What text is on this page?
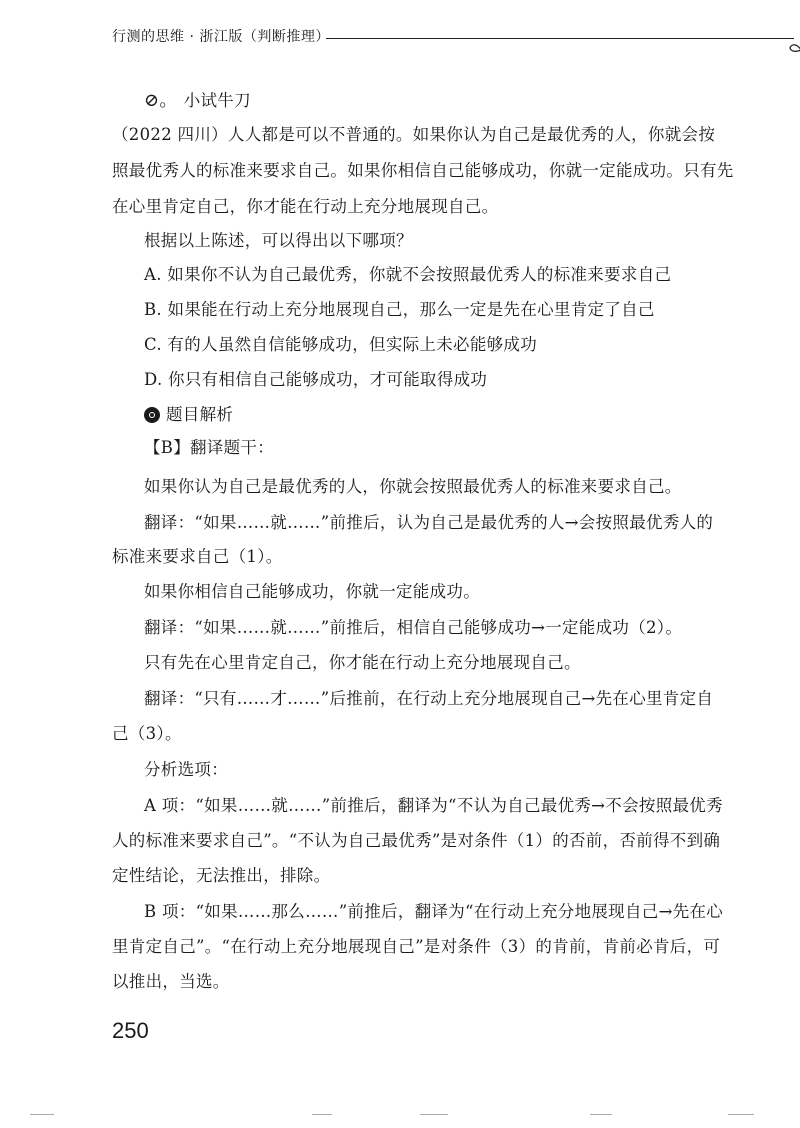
行测的思维 · 浙江版（判断推理）
⊘。 小试牛刀
（2022 四川）人人都是可以不普通的。如果你认为自己是最优秀的人，你就会按
照最优秀人的标准来要求自己。如果你相信自己能够成功，你就一定能成功。只有先
在心里肯定自己，你才能在行动上充分地展现自己。
根据以上陈述，可以得出以下哪项？
A. 如果你不认为自己最优秀，你就不会按照最优秀人的标准来要求自己
B. 如果能在行动上充分地展现自己，那么一定是先在心里肯定了自己
C. 有的人虽然自信能够成功，但实际上未必能够成功
D. 你只有相信自己能够成功，才可能取得成功
题目解析
【B】翻译题干：
如果你认为自己是最优秀的人，你就会按照最优秀人的标准来要求自己。
翻译：“如果……就……”前推后，认为自己是最优秀的人→会按照最优秀人的
标准来要求自己（1）。
如果你相信自己能够成功，你就一定能成功。
翻译：“如果……就……”前推后，相信自己能够成功→一定能成功（2）。
只有先在心里肯定自己，你才能在行动上充分地展现自己。
翻译：“只有……才……”后推前，在行动上充分地展现自己→先在心里肯定自
己（3）。
分析选项：
A 项：“如果……就……”前推后，翻译为“不认为自己最优秀→不会按照最优秀
人的标准来要求自己”。“不认为自己最优秀”是对条件（1）的否前，否前得不到确
定性结论，无法推出，排除。
B 项：“如果……那么……”前推后，翻译为“在行动上充分地展现自己→先在心
里肯定自己”。“在行动上充分地展现自己”是对条件（3）的肯前，肯前必肯后，可
以推出，当选。
250
